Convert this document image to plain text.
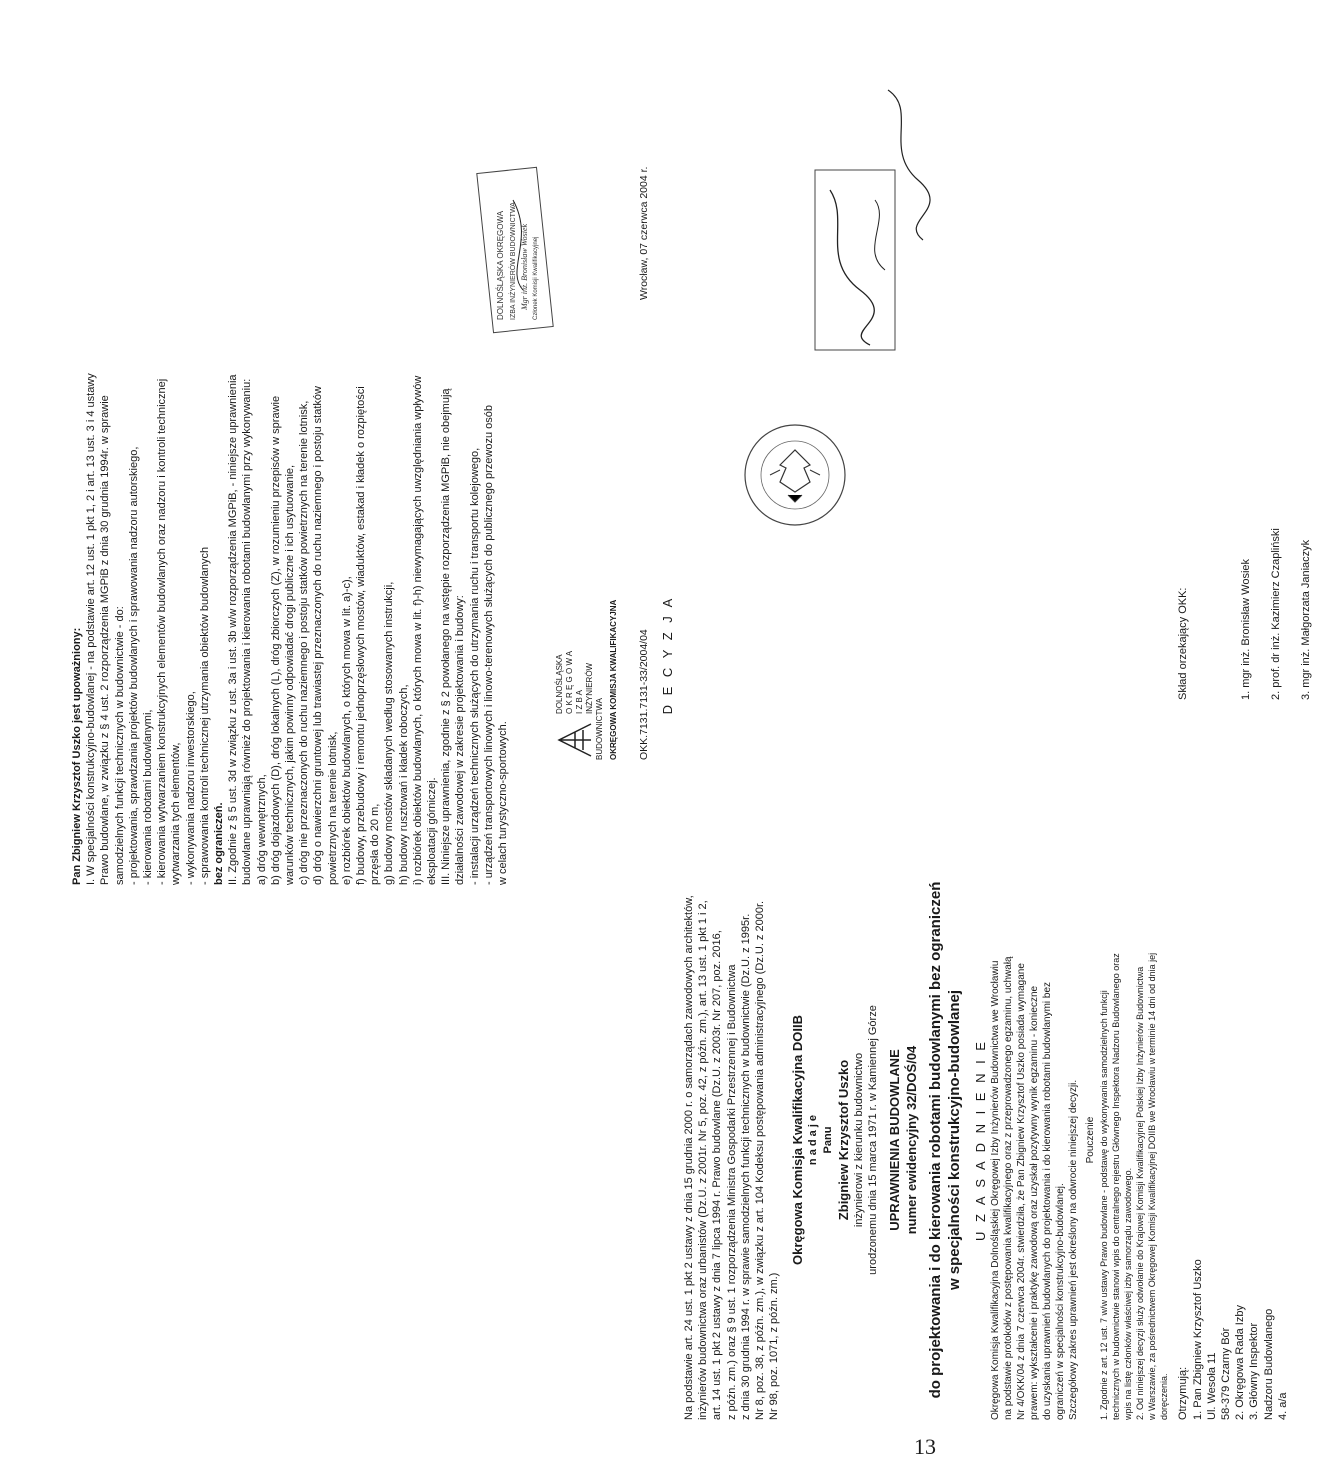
Pan Zbigniew Krzysztof Uszko jest upoważniony: I. W specjalności konstrukcyjno-budowlanej - na podstawie art. 12 ust. 1 pkt 1, 2 i art. 13 ust. 3 i 4 ustawy Prawo budowlane, w związku z § 4 ust. 2 rozporządzenia MGPiB z dnia 30 grudnia 1994r. w sprawie samodzielnych funkcji technicznych w budownictwie - do: - projektowania, sprawdzania projektów budowlanych i sprawowania nadzoru autorskiego, - kierowania robotami budowlanymi, - kierowania wytwarzaniem konstrukcyjnych elementów budowlanych oraz nadzoru i kontroli technicznej wytwarzania tych elementów, - wykonywania nadzoru inwestorskiego, - sprawowania kontroli technicznej utrzymania obiektów budowlanych bez ograniczeń. II. Zgodnie z § 5 ust. 3d w związku z ust. 3a i ust. 3b w/w rozporządzenia MGPiB, - niniejsze uprawnienia budowlane uprawniają również do projektowania i kierowania robotami budowlanymi przy wykonywaniu: a) dróg wewnętrznych, b) dróg dojazdowych (D), dróg lokalnych (L), dróg zbiorczych (Z), w rozumieniu przepisów w sprawie warunków technicznych, jakim powinny odpowiadać drogi publiczne i ich usytuowanie, c) dróg nie przeznaczonych do ruchu naziemnego i postoju statków powietrznych na terenie lotnisk, d) dróg o nawierzchni gruntowej lub trawiastej przeznaczonych do ruchu naziemnego i postoju statków powietrznych na terenie lotnisk, e) rozbiórek obiektów budowlanych, o których mowa w lit. a)-c), f) budowy, przebudowy i remontu jednoprzęsłowych mostów, wiaduktów, estakad i kładek o rozpiętości przęsła do 20 m, g) budowy mostów składanych według stosowanych instrukcji, h) budowy rusztowań i kładek roboczych, i) rozbiórek obiektów budowlanych, o których mowa w lit. f)-h) niewymagających uwzględniania wpływów eksploatacji górniczej. III. Niniejsze uprawnienia, zgodnie z § 2 powołanego na wstępie rozporządzenia MGPiB, nie obejmują działalności zawodowej w zakresie projektowania i budowy: - instalacji urządzeń technicznych służących do utrzymania ruchu i transportu kolejowego, - urządzeń transportowych linowych i linowo-terenowych służących do publicznego przewozu osób w celach turystyczno-sportowych.

DOLNOŚLĄSKA OKRĘGOWA IZBA INŻYNIERÓW BUDOWNICTWA Mgr inż. Bronisław Wosiek Członek Komisji Kwalifikacyjnej
DOLNOŚLĄSKA O K R Ę G O W A I Z B A INŻYNIERÓW
BUDOWNICTWA OKRĘGOWA KOMISJA KWALIFIKACYJNA	OKK.7131.7131-33/2004/04
Wrocław, 07 czerwca 2004 r.

D E C Y Z J A

Na podstawie art. 24 ust. 1 pkt 2 ustawy z dnia 15 grudnia 2000 r. o samorządach zawodowych architektów, inżynierów budownictwa oraz urbanistów (Dz.U. z 2001r. Nr 5, poz. 42, z późn. zm.), art. 13 ust. 1 pkt 1 i 2, art. 14 ust. 1 pkt 2 ustawy z dnia 7 lipca 1994 r. Prawo budowlane (Dz.U. z 2003r. Nr 207, poz. 2016, z późn. zm.) oraz § 9 ust. 1 rozporządzenia Ministra Gospodarki Przestrzennej i Budownictwa z dnia 30 grudnia 1994 r. w sprawie samodzielnych funkcji technicznych w budownictwie (Dz.U. z 1995r. Nr 8, poz. 38, z późn. zm.), w związku z art. 104 Kodeksu postępowania administracyjnego (Dz.U. z 2000r. Nr 98, poz. 1071, z późn. zm.)

Okręgowa Komisja Kwalifikacyjna DOIIB n a d a j e Panu Zbigniew Krzysztof Uszko inżynierowi z kierunku budownictwo urodzonemu dnia 15 marca 1971 r. w Kamiennej Górze UPRAWNIENIA BUDOWLANE numer ewidencyjny 32/DOŚ/04 do projektowania i do kierowania robotami budowlanymi bez ograniczeń w specjalności konstrukcyjno-budowlanej U Z A S A D N I E N I E Okręgowa Komisja Kwalifikacyjna Dolnośląskiej Okręgowej Izby Inżynierów Budownictwa we Wrocławiu na podstawie protokołów z postępowania kwalifikacyjnego oraz z przeprowadzonego egzaminu, uchwałą Nr 4/OKK/04 z dnia 7 czerwca 2004r. stwierdziła, że Pan Zbigniew Krzysztof Uszko posiada wymagane prawem: wykształcenie i praktykę zawodową oraz uzyskał pozytywny wynik egzaminu - konieczne do uzyskania uprawnień budowlanych do projektowania i do kierowania robotami budowlanymi bez ograniczeń w specjalności konstrukcyjno-budowlanej. Szczegółowy zakres uprawnień jest określony na odwrocie niniejszej decyzji. Pouczenie 1. Zgodnie z art. 12 ust. 7 w/w ustawy Prawo budowlane - podstawę do wykonywania samodzielnych funkcji technicznych w budownictwie stanowi wpis do centralnego rejestru Głównego Inspektora Nadzoru Budowlanego oraz wpis na listę członków właściwej izby samorządu zawodowego. 2. Od niniejszej decyzji służy odwołanie do Krajowej Komisji Kwalifikacyjnej Polskiej Izby Inżynierów Budownictwa w Warszawie, za pośrednictwem Okręgowej Komisji Kwalifikacyjnej DOIIB we Wrocławiu w terminie 14 dni od dnia jej doręczenia. Otrzymują: 1. Pan Zbigniew Krzysztof Uszko Ul. Wesoła 11 58-379 Czarny Bór 2. Okręgowa Rada Izby 3. Główny Inspektor Nadzoru Budowlanego 4. a/a

Skład orzekający OKK:	1. mgr inż. Bronisław Wosiek	2. prof. dr inż. Kazimierz Czapliński	3. mgr inż. Małgorzata Janiaczyk

13
